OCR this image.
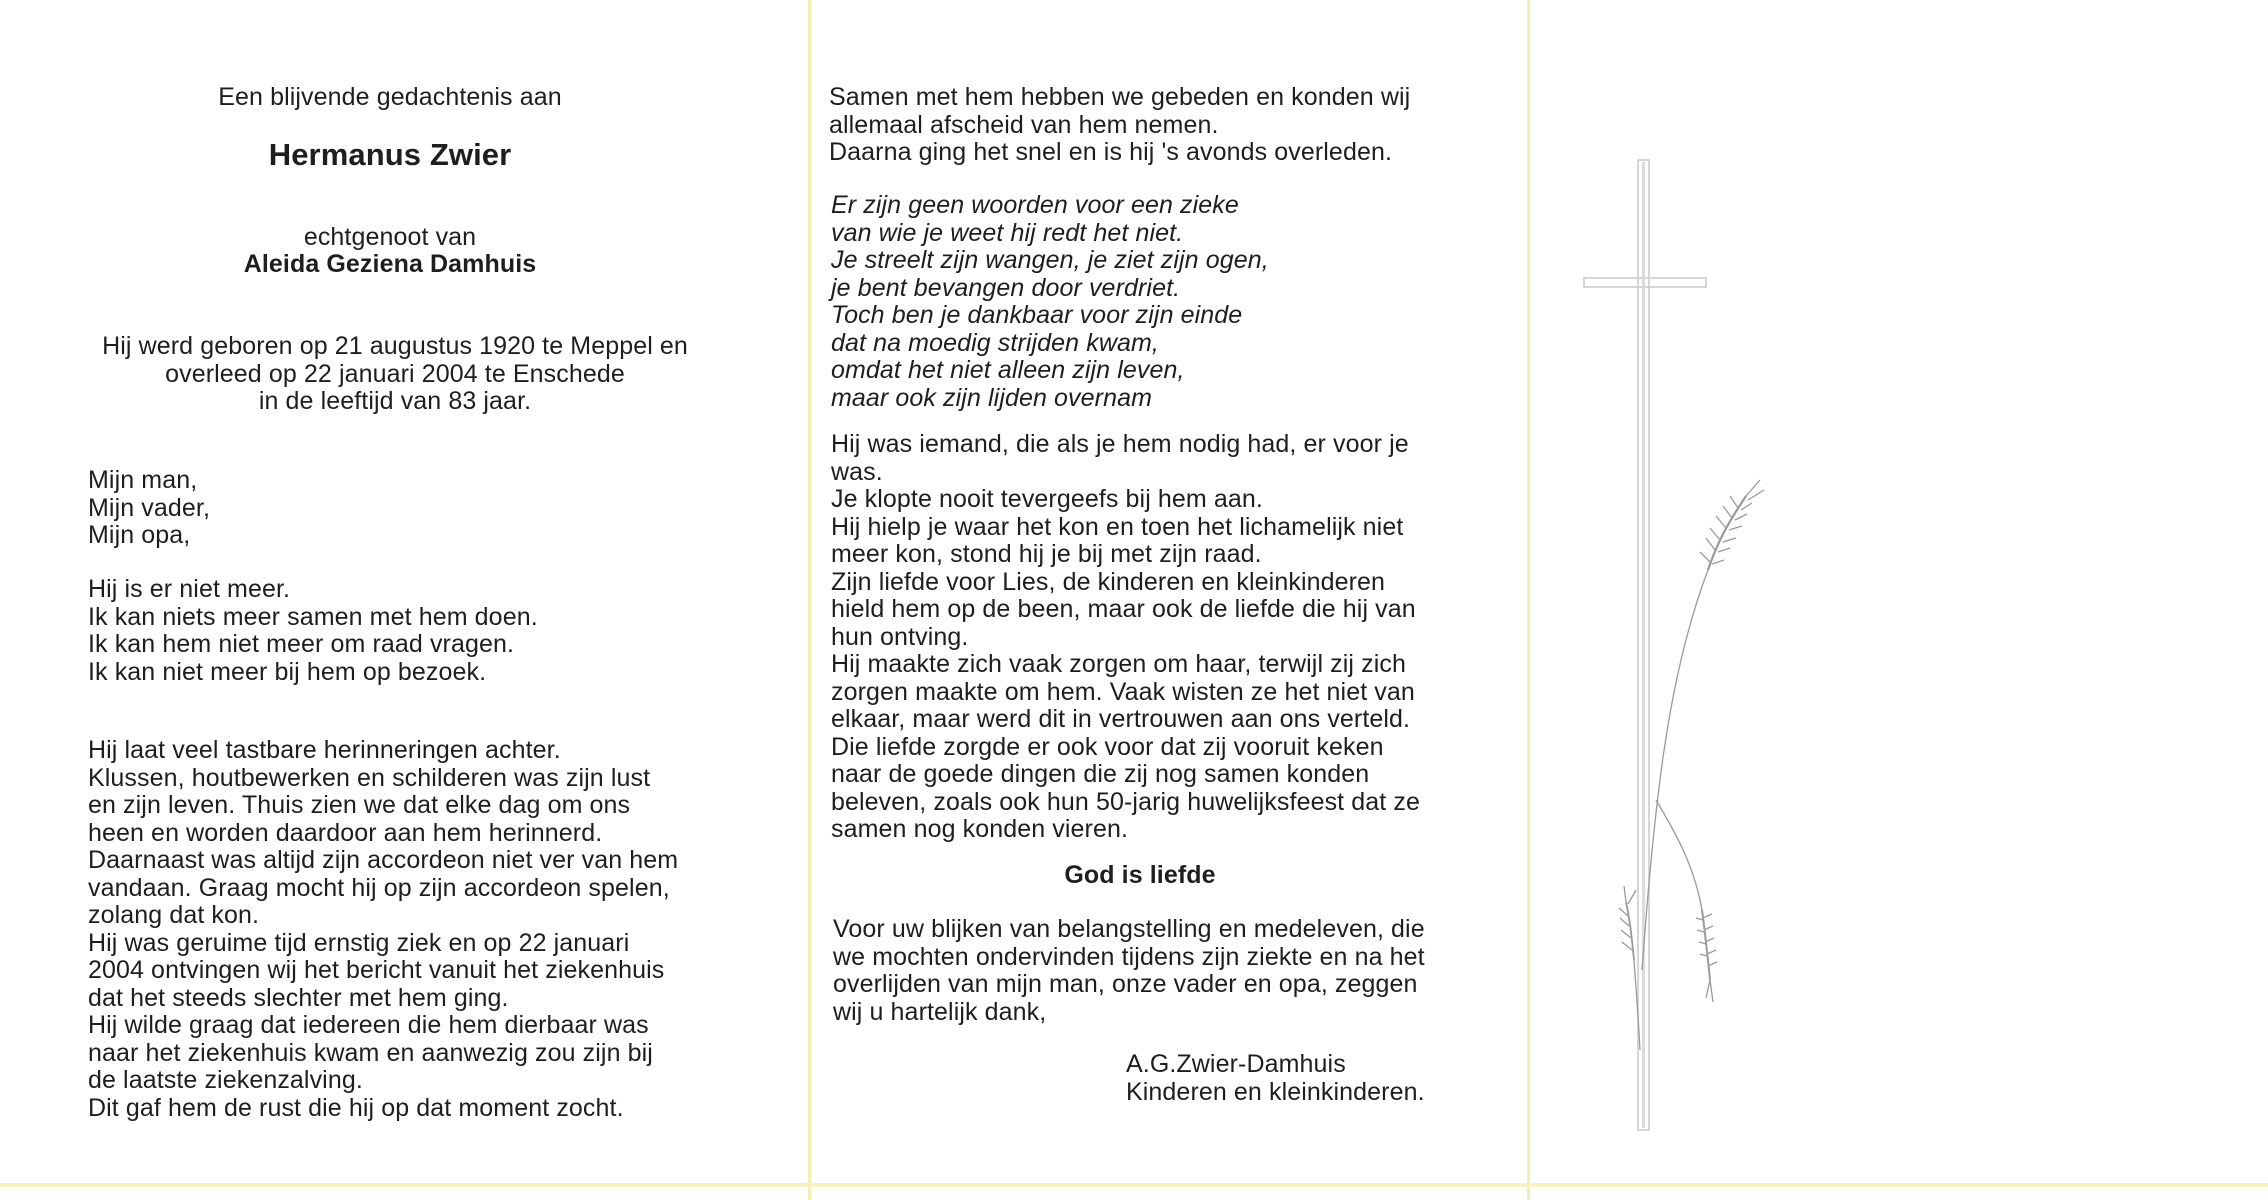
Een blijvende gedachtenis aan

Hermanus Zwier

echtgenoot van

Aleida Geziena Damhuis

Hij werd geboren op 21 augustus 1920 te Meppel en
overleed op 22 januari 2004 te Enschede
in de leeftijd van 83 jaar.

Mijn man,
Mijn vader,
Mijn opa,

Hij is er niet meer.
Ik kan niets meer samen met hem doen.
Ik kan hem niet meer om raad vragen.
Ik kan niet meer bij hem op bezoek.

Hij laat veel tastbare herinneringen achter.
Klussen, houtbewerken en schilderen was zijn lust
en zijn leven. Thuis zien we dat elke dag om ons
heen en worden daardoor aan hem herinnerd.
Daarnaast was altijd zijn accordeon niet ver van hem
vandaan. Graag mocht hij op zijn accordeon spelen,
zolang dat kon.
Hij was geruime tijd ernstig ziek en op 22 januari
2004 ontvingen wij het bericht vanuit het ziekenhuis
dat het steeds slechter met hem ging.
Hij wilde graag dat iedereen die hem dierbaar was
naar het ziekenhuis kwam en aanwezig zou zijn bij
de laatste ziekenzalving.
Dit gaf hem de rust die hij op dat moment zocht.

Samen met hem hebben we gebeden en konden wij
allemaal afscheid van hem nemen.
Daarna ging het snel en is hij 's avonds overleden.

Er zijn geen woorden voor een zieke
van wie je weet hij redt het niet.
Je streelt zijn wangen, je ziet zijn ogen,
je bent bevangen door verdriet.
Toch ben je dankbaar voor zijn einde
dat na moedig strijden kwam,
omdat het niet alleen zijn leven,
maar ook zijn lijden overnam

Hij was iemand, die als je hem nodig had, er voor je
was.
Je klopte nooit tevergeefs bij hem aan.
Hij hielp je waar het kon en toen het lichamelijk niet
meer kon, stond hij je bij met zijn raad.
Zijn liefde voor Lies, de kinderen en kleinkinderen
hield hem op de been, maar ook de liefde die hij van
hun ontving.
Hij maakte zich vaak zorgen om haar, terwijl zij zich
zorgen maakte om hem. Vaak wisten ze het niet van
elkaar, maar werd dit in vertrouwen aan ons verteld.
Die liefde zorgde er ook voor dat zij vooruit keken
naar de goede dingen die zij nog samen konden
beleven, zoals ook hun 50-jarig huwelijksfeest dat ze
samen nog konden vieren.

God is liefde

Voor uw blijken van belangstelling en medeleven, die
we mochten ondervinden tijdens zijn ziekte en na het
overlijden van mijn man, onze vader en opa, zeggen
wij u hartelijk dank,

A.G.Zwier-Damhuis
Kinderen en kleinkinderen.
